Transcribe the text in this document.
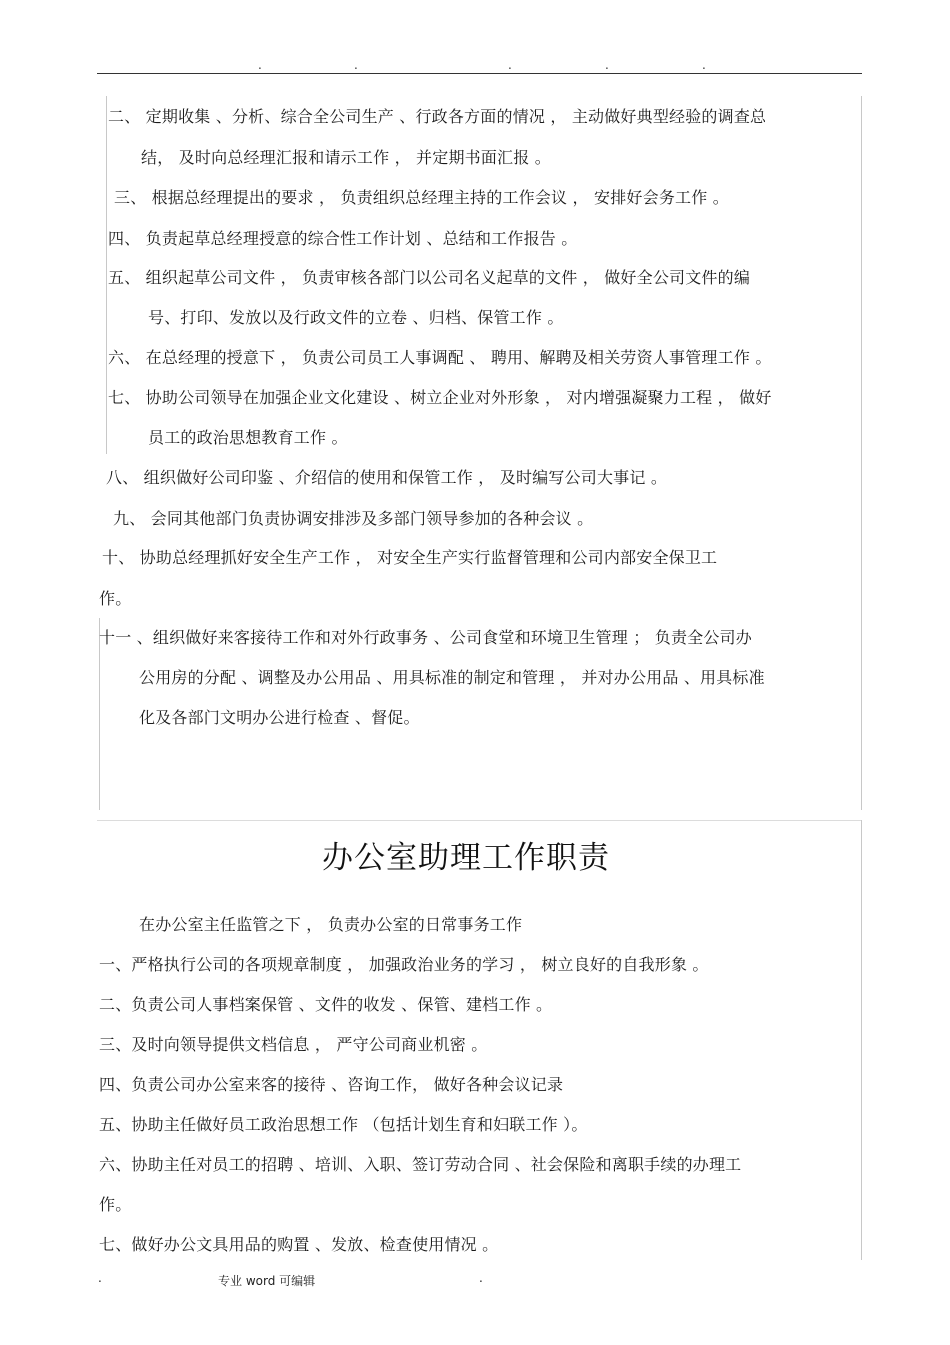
.	.	.	.	.
二、 定期收集 、分析、综合全公司生产 、行政各方面的情况 ， 主动做好典型经验的调查总
结， 及时向总经理汇报和请示工作 ， 并定期书面汇报 。
三、 根据总经理提出的要求 ， 负责组织总经理主持的工作会议 ， 安排好会务工作 。
四、 负责起草总经理授意的综合性工作计划 、总结和工作报告 。
五、 组织起草公司文件 ， 负责审核各部门以公司名义起草的文件 ， 做好全公司文件的编
号、打印、发放以及行政文件的立卷 、归档、保管工作 。
六、 在总经理的授意下 ， 负责公司员工人事调配 、 聘用、解聘及相关劳资人事管理工作 。
七、 协助公司领导在加强企业文化建设 、树立企业对外形象 ， 对内增强凝聚力工程 ， 做好
员工的政治思想教育工作 。
八、 组织做好公司印鉴 、介绍信的使用和保管工作 ， 及时编写公司大事记 。
九、 会同其他部门负责协调安排涉及多部门领导参加的各种会议 。
十、 协助总经理抓好安全生产工作 ， 对安全生产实行监督管理和公司内部安全保卫工
作。
十一 、组织做好来客接待工作和对外行政事务 、公司食堂和环境卫生管理 ； 负责全公司办
公用房的分配 、调整及办公用品 、用具标准的制定和管理 ， 并对办公用品 、用具标准
化及各部门文明办公进行检查 、督促。
办公室助理工作职责
在办公室主任监管之下 ， 负责办公室的日常事务工作
一、严格执行公司的各项规章制度 ， 加强政治业务的学习 ， 树立良好的自我形象 。
二、负责公司人事档案保管 、文件的收发 、保管、建档工作 。
三、及时向领导提供文档信息 ， 严守公司商业机密 。
四、负责公司办公室来客的接待 、咨询工作， 做好各种会议记录
五、协助主任做好员工政治思想工作 （包括计划生育和妇联工作 ）。
六、协助主任对员工的招聘 、培训、入职、签订劳动合同 、社会保险和离职手续的办理工
作。
七、做好办公文具用品的购置 、发放、检查使用情况 。
.	专业 word 可编辑	.
